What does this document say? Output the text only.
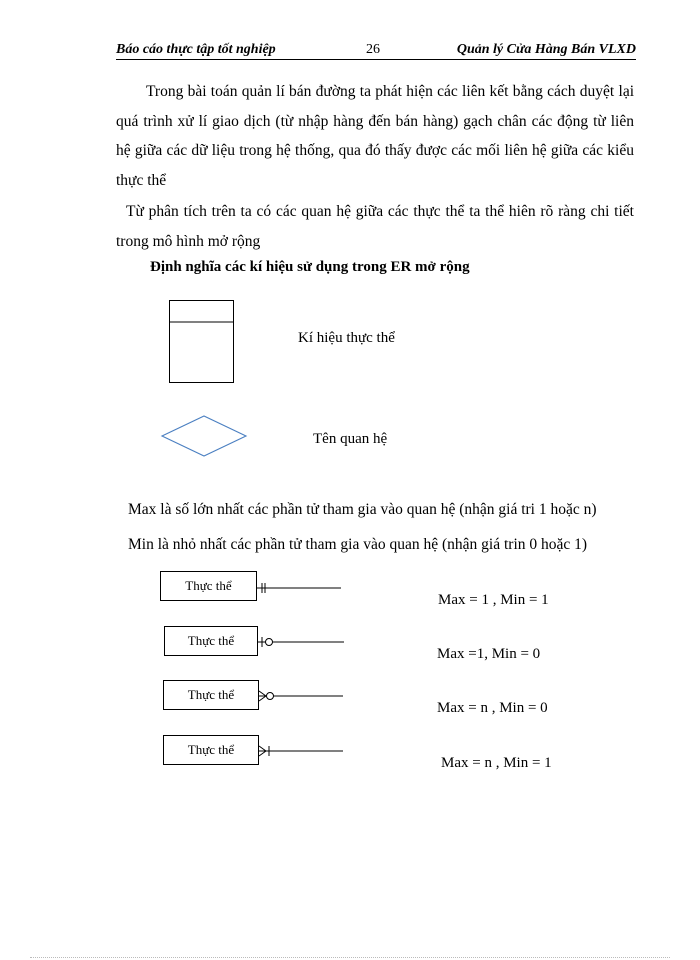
Báo cáo thực tập tốt nghiệp	26	Quản lý Cửa Hàng Bán VLXD
Trong bài toán quản lí bán đường ta phát hiện các liên kết bằng cách duyệt lại quá trình xử lí giao dịch (từ nhập hàng đến bán hàng) gạch chân các động từ liên hệ giữa các dữ liệu trong hệ thống, qua đó thấy được các mối liên hệ giữa các kiểu thực thể
Từ phân tích trên ta có các quan hệ giữa các thực thể ta thể hiên rõ ràng chi tiết trong mô hình mở rộng
Định nghĩa các kí hiệu sử dụng trong ER mở rộng
Kí hiệu thực thể
Tên quan hệ
Max là số lớn nhất các phần tử tham gia vào quan hệ (nhận giá tri 1 hoặc n)
Min là nhỏ nhất các phần tử tham gia vào quan hệ (nhận giá trin 0 hoặc 1)
Thực thể
Max = 1 , Min = 1
Thực thể
Max =1, Min = 0
Thực thể
Max = n , Min = 0
Thực thể
Max = n , Min = 1
